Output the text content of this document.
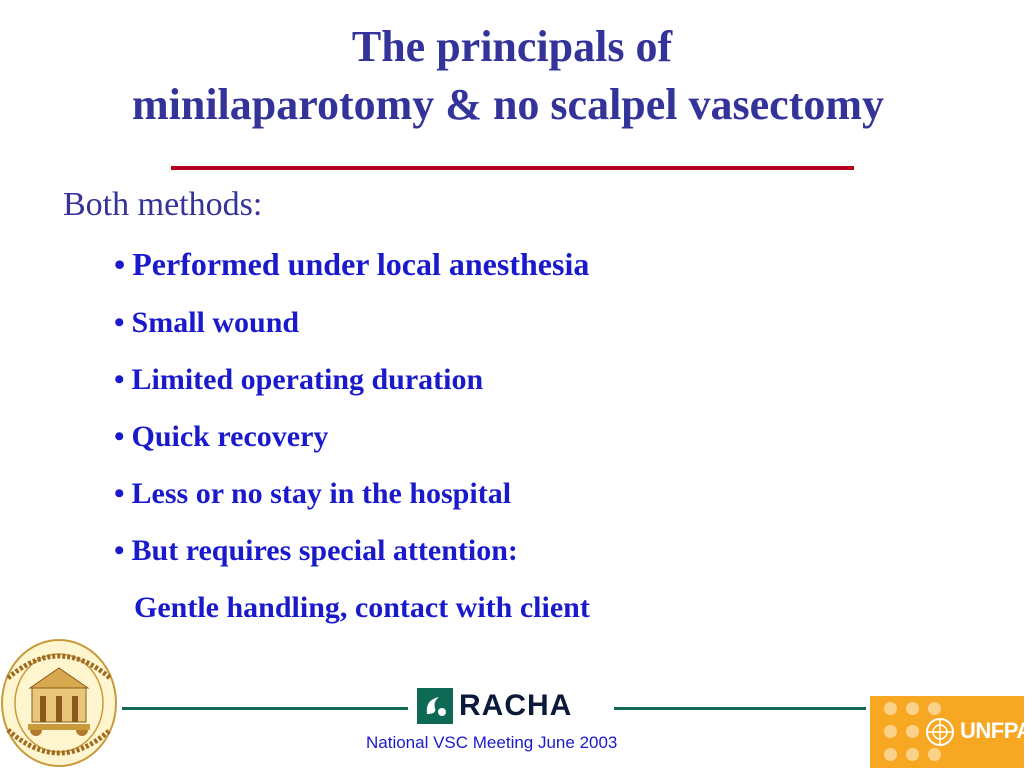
The principals of
minilaparotomy & no scalpel vasectomy
Both methods:
• Performed under local anesthesia
• Small wound
• Limited operating duration
• Quick recovery
• Less or no stay in the hospital
• But requires special attention:
Gentle handling, contact with client
RACHA
National VSC Meeting June 2003	UNFPA
